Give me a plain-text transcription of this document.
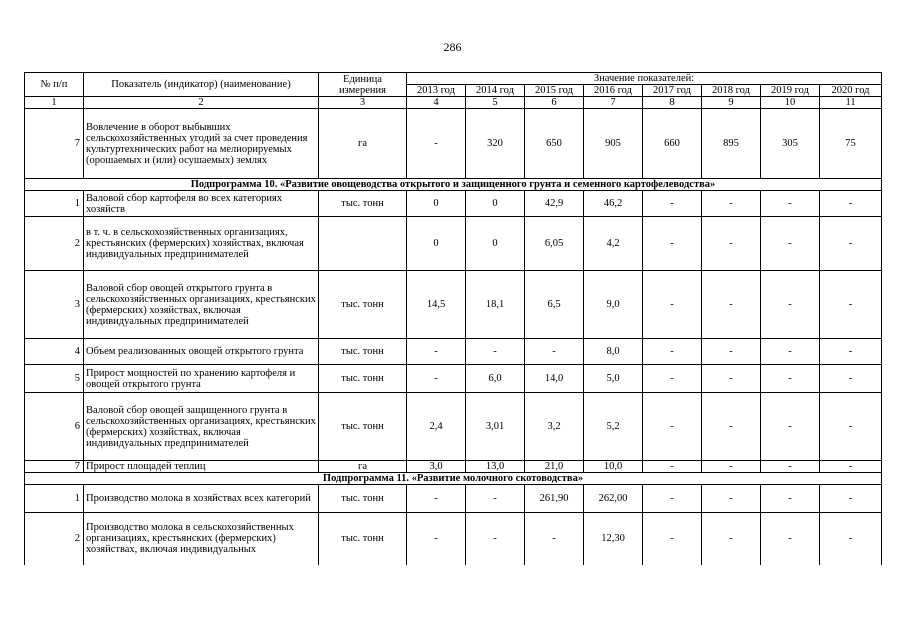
286
№ п/п	Показатель (индикатор) (наименование)	Единица измерения	Значение показателей:							
			2013 год	2014 год	2015 год	2016 год	2017 год	2018 год	2019 год	2020 год
1	2	3	4	5	6	7	8	9	10	11
7	Вовлечение в оборот выбывших сельскохозяйственных угодий за счет проведения культуртехнических работ на мелиорируемых (орошаемых и (или) осушаемых) землях	га	-	320	650	905	660	895	305	75
Подпрограмма 10. «Развитие овощеводства открытого и защищенного грунта и семенного картофелеводства»										
1	Валовой сбор картофеля во всех категориях хозяйств	тыс. тонн	0	0	42,9	46,2	-	-	-	-
2	в т. ч. в сельскохозяйственных организациях, крестьянских (фермерских) хозяйствах, включая индивидуальных предпринимателей		0	0	6,05	4,2	-	-	-	-
3	Валовой сбор овощей открытого грунта в сельскохозяйственных организациях, крестьянских (фермерских) хозяйствах, включая индивидуальных предпринимателей	тыс. тонн	14,5	18,1	6,5	9,0	-	-	-	-
4	Объем реализованных овощей открытого грунта	тыс. тонн	-	-	-	8,0	-	-	-	-
5	Прирост мощностей по хранению картофеля и овощей открытого грунта	тыс. тонн	-	6,0	14,0	5,0	-	-	-	-
6	Валовой сбор овощей защищенного грунта в сельскохозяйственных организациях, крестьянских (фермерских) хозяйствах, включая индивидуальных предпринимателей	тыс. тонн	2,4	3,01	3,2	5,2	-	-	-	-
7	Прирост площадей теплиц	га	3,0	13,0	21,0	10,0	-	-	-	-
Подпрограмма 11. «Развитие молочного скотоводства»										
1	Производство молока в хозяйствах всех категорий	тыс. тонн	-	-	261,90	262,00	-	-	-	-
2	Производство молока в сельскохозяйственных организациях, крестьянских (фермерских) хозяйствах, включая индивидуальных	тыс. тонн	-	-	-	12,30	-	-	-	-
